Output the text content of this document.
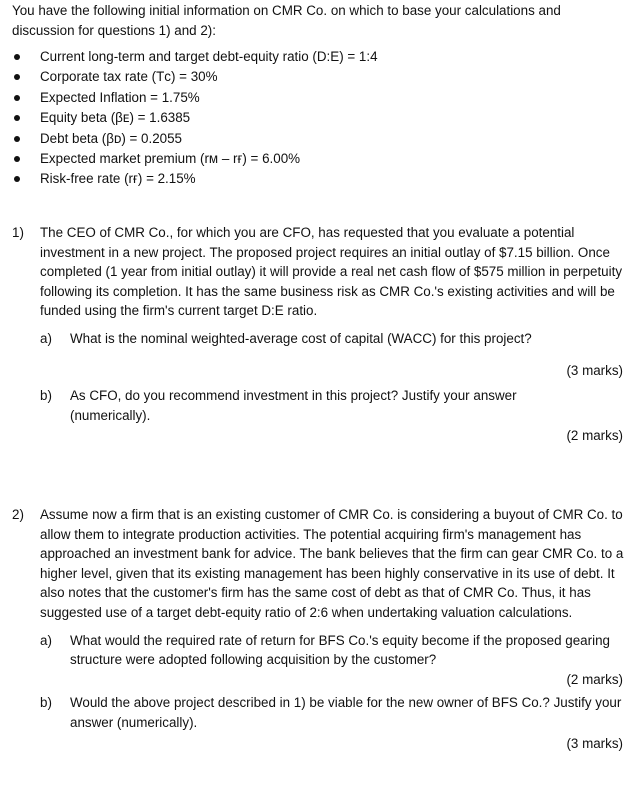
You have the following initial information on CMR Co. on which to base your calculations and discussion for questions 1) and 2):
Current long-term and target debt-equity ratio (D:E) = 1:4
Corporate tax rate (Tᴄ) = 30%
Expected Inflation = 1.75%
Equity beta (βᴇ) = 1.6385
Debt beta (βᴅ) = 0.2055
Expected market premium (rᴍ – rғ) = 6.00%
Risk-free rate (rғ) = 2.15%
1)	The CEO of CMR Co., for which you are CFO, has requested that you evaluate a potential investment in a new project. The proposed project requires an initial outlay of $7.15 billion. Once completed (1 year from initial outlay) it will provide a real net cash flow of $575 million in perpetuity following its completion. It has the same business risk as CMR Co.'s existing activities and will be funded using the firm's current target D:E ratio.
a)	What is the nominal weighted-average cost of capital (WACC) for this project?
(3 marks)
b)	As CFO, do you recommend investment in this project? Justify your answer (numerically).
(2 marks)
2)	Assume now a firm that is an existing customer of CMR Co. is considering a buyout of CMR Co. to allow them to integrate production activities. The potential acquiring firm's management has approached an investment bank for advice. The bank believes that the firm can gear CMR Co. to a higher level, given that its existing management has been highly conservative in its use of debt. It also notes that the customer's firm has the same cost of debt as that of CMR Co. Thus, it has suggested use of a target debt-equity ratio of 2:6 when undertaking valuation calculations.
a)	What would the required rate of return for BFS Co.'s equity become if the proposed gearing structure were adopted following acquisition by the customer?
(2 marks)
b)	Would the above project described in 1) be viable for the new owner of BFS Co.? Justify your answer (numerically).
(3 marks)
